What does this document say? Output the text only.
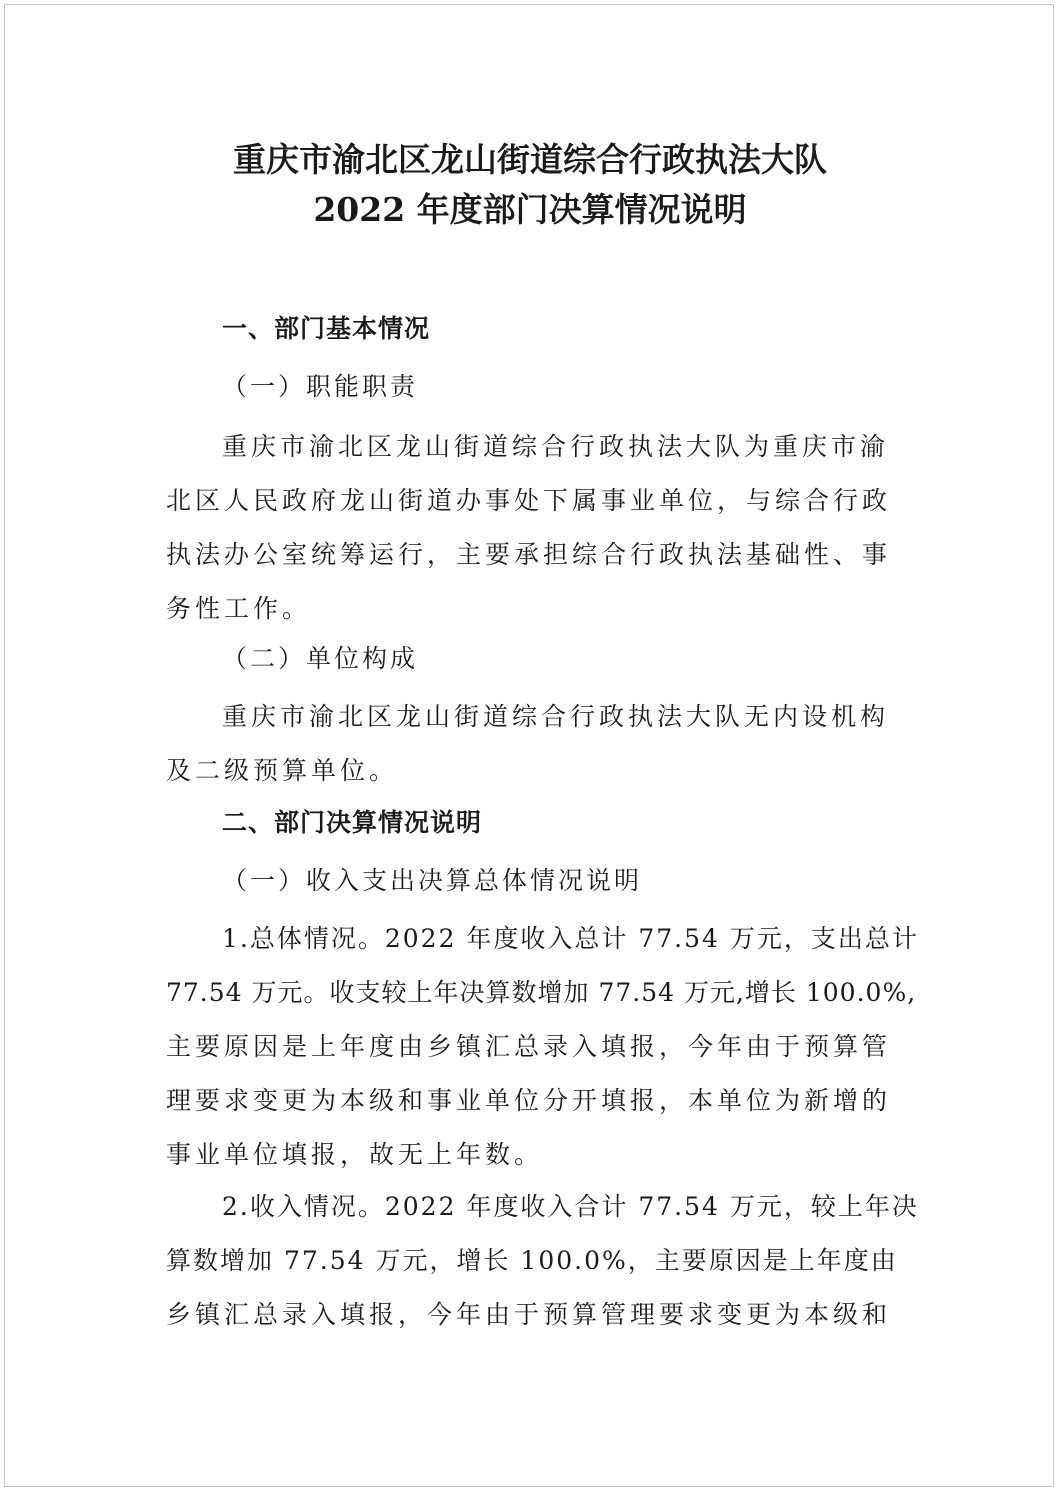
重庆市渝北区龙山街道综合行政执法大队
2022 年度部门决算情况说明
一、部门基本情况
（一）职能职责
重庆市渝北区龙山街道综合行政执法大队为重庆市渝
北区人民政府龙山街道办事处下属事业单位，与综合行政
执法办公室统筹运行，主要承担综合行政执法基础性、事
务性工作。
（二）单位构成
重庆市渝北区龙山街道综合行政执法大队无内设机构
及二级预算单位。
二、部门决算情况说明
（一）收入支出决算总体情况说明
1.总体情况。2022 年度收入总计 77.54 万元，支出总计
77.54 万元。收支较上年决算数增加 77.54 万元,增长 100.0%,
主要原因是上年度由乡镇汇总录入填报，今年由于预算管
理要求变更为本级和事业单位分开填报，本单位为新增的
事业单位填报，故无上年数。
2.收入情况。2022 年度收入合计 77.54 万元，较上年决
算数增加 77.54 万元，增长 100.0%，主要原因是上年度由
乡镇汇总录入填报，今年由于预算管理要求变更为本级和
